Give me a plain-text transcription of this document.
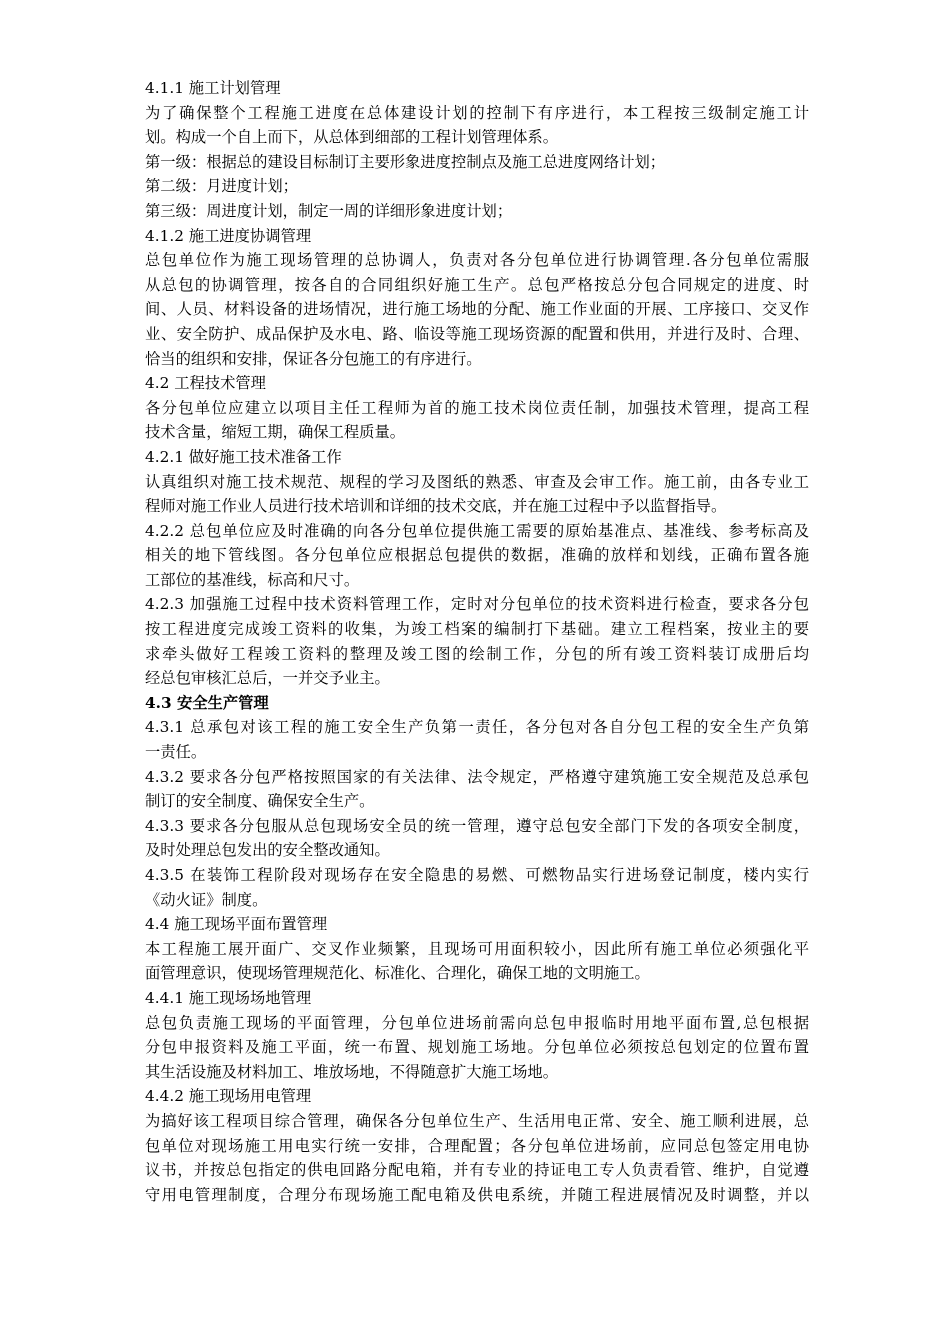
4.1.1 施工计划管理
为了确保整个工程施工进度在总体建设计划的控制下有序进行，本工程按三级制定施工计
划。构成一个自上而下，从总体到细部的工程计划管理体系。
第一级：根据总的建设目标制订主要形象进度控制点及施工总进度网络计划；
第二级：月进度计划；
第三级：周进度计划，制定一周的详细形象进度计划；
4.1.2 施工进度协调管理
总包单位作为施工现场管理的总协调人，负责对各分包单位进行协调管理.各分包单位需服
从总包的协调管理，按各自的合同组织好施工生产。总包严格按总分包合同规定的进度、时
间、人员、材料设备的进场情况，进行施工场地的分配、施工作业面的开展、工序接口、交叉作
业、安全防护、成品保护及水电、路、临设等施工现场资源的配置和供用，并进行及时、合理、
恰当的组织和安排，保证各分包施工的有序进行。
4.2 工程技术管理
各分包单位应建立以项目主任工程师为首的施工技术岗位责任制，加强技术管理，提高工程
技术含量，缩短工期，确保工程质量。
4.2.1 做好施工技术准备工作
认真组织对施工技术规范、规程的学习及图纸的熟悉、审查及会审工作。施工前，由各专业工
程师对施工作业人员进行技术培训和详细的技术交底，并在施工过程中予以监督指导。
4.2.2 总包单位应及时准确的向各分包单位提供施工需要的原始基准点、基准线、参考标高及
相关的地下管线图。各分包单位应根据总包提供的数据，准确的放样和划线，正确布置各施
工部位的基准线，标高和尺寸。
4.2.3 加强施工过程中技术资料管理工作，定时对分包单位的技术资料进行检查，要求各分包
按工程进度完成竣工资料的收集，为竣工档案的编制打下基础。建立工程档案，按业主的要
求牵头做好工程竣工资料的整理及竣工图的绘制工作，分包的所有竣工资料装订成册后均
经总包审核汇总后，一并交予业主。
4.3 安全生产管理
4.3.1 总承包对该工程的施工安全生产负第一责任，各分包对各自分包工程的安全生产负第
一责任。
4.3.2 要求各分包严格按照国家的有关法律、法令规定，严格遵守建筑施工安全规范及总承包
制订的安全制度、确保安全生产。
4.3.3 要求各分包服从总包现场安全员的统一管理，遵守总包安全部门下发的各项安全制度，
及时处理总包发出的安全整改通知。
4.3.5 在装饰工程阶段对现场存在安全隐患的易燃、可燃物品实行进场登记制度，楼内实行
《动火证》制度。
4.4 施工现场平面布置管理
本工程施工展开面广、交叉作业频繁，且现场可用面积较小，因此所有施工单位必须强化平
面管理意识，使现场管理规范化、标准化、合理化，确保工地的文明施工。
4.4.1 施工现场场地管理
总包负责施工现场的平面管理，分包单位进场前需向总包申报临时用地平面布置,总包根据
分包申报资料及施工平面，统一布置、规划施工场地。分包单位必须按总包划定的位置布置
其生活设施及材料加工、堆放场地，不得随意扩大施工场地。
4.4.2 施工现场用电管理
为搞好该工程项目综合管理，确保各分包单位生产、生活用电正常、安全、施工顺利进展，总
包单位对现场施工用电实行统一安排，合理配置；各分包单位进场前，应同总包签定用电协
议书，并按总包指定的供电回路分配电箱，并有专业的持证电工专人负责看管、维护，自觉遵
守用电管理制度，合理分布现场施工配电箱及供电系统，并随工程进展情况及时调整，并以
